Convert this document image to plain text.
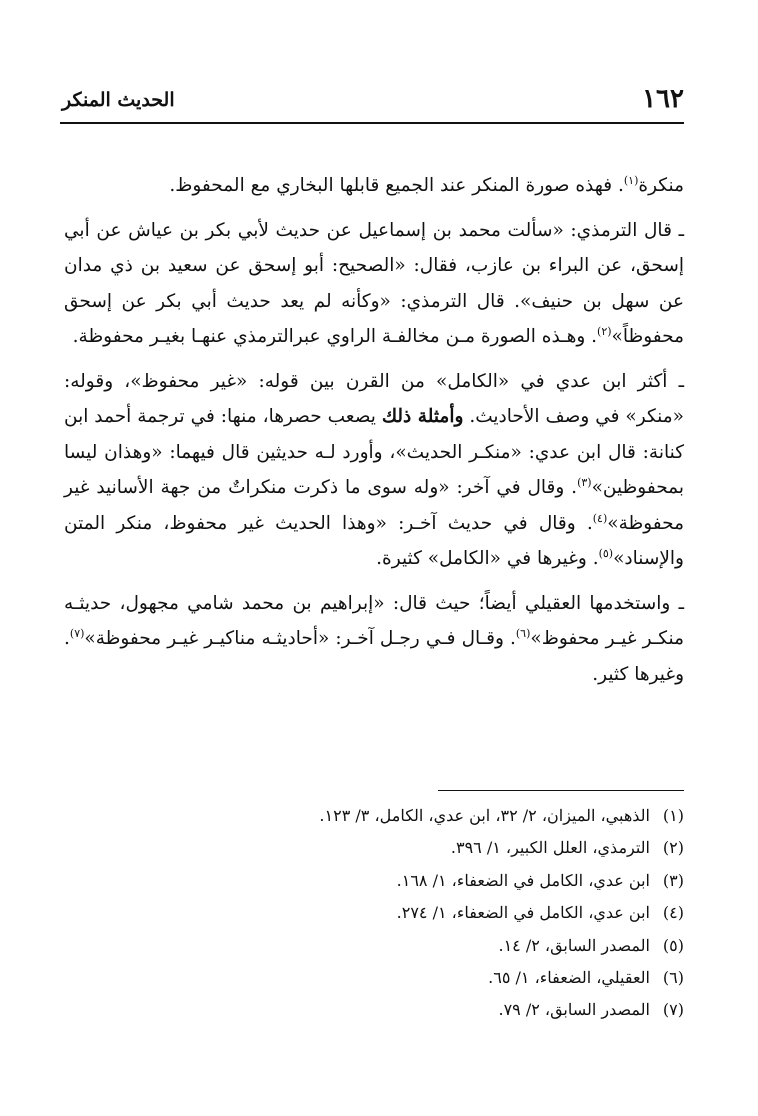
١٦٢
الحديث المنكر

منكرة$^{(١)}$. فهذه صورة المنكر عند الجميع قابلها البخاري مع المحفوظ.

ـ قال الترمذي: «سألت محمد بن إسماعيل عن حديث لأبي بكر بن عياش عن أبي إسحق، عن البراء بن عازب، فقال: «الصحيح: أبو إسحق عن سعيد بن ذي مدان عن سهل بن حنيف». قال الترمذي: «وكأنه لم يعد حديث أبي بكر عن إسحق محفوظاً»$^{(٢)}$. وهـذه الصورة مـن مخالفـة الراوي عبرالترمذي عنهـا بغيـر محفوظة.

ـ أكثر ابن عدي في «الكامل» من القرن بين قوله: «غير محفوظ»، وقوله: «منكر» في وصف الأحاديث. وأمثلة ذلك يصعب حصرها، منها: في ترجمة أحمد ابن كنانة: قال ابن عدي: «منكـر الحديث»، وأورد لـه حديثين قال فيهما: «وهذان ليسا بمحفوظين»$^{(٣)}$. وقال في آخر: «وله سوى ما ذكرت منكراتٌ من جهة الأسانيد غير محفوظة»$^{(٤)}$. وقال في حديث آخـر: «وهذا الحديث غير محفوظ، منكر المتن والإسناد»$^{(٥)}$. وغيرها في «الكامل» كثيرة.

ـ واستخدمها العقيلي أيضاً؛ حيث قال: «إبراهيم بن محمد شامي مجهول، حديثـه منكـر غيـر محفوظ»$^{(٦)}$. وقـال فـي رجـل آخـر: «أحاديثـه مناكيـر غيـر محفوظة»$^{(٧)}$. وغيرها كثير.

(١)الذهبي، الميزان، ٢/ ٣٢، ابن عدي، الكامل، ٣/ ١٢٣.
(٢)الترمذي، العلل الكبير، ١/ ٣٩٦.
(٣)ابن عدي، الكامل في الضعفاء، ١/ ١٦٨.
(٤)ابن عدي، الكامل في الضعفاء، ١/ ٢٧٤.
(٥)المصدر السابق، ٢/ ١٤.
(٦)العقيلي، الضعفاء، ١/ ٦٥.
(٧)المصدر السابق، ٢/ ٧٩.
